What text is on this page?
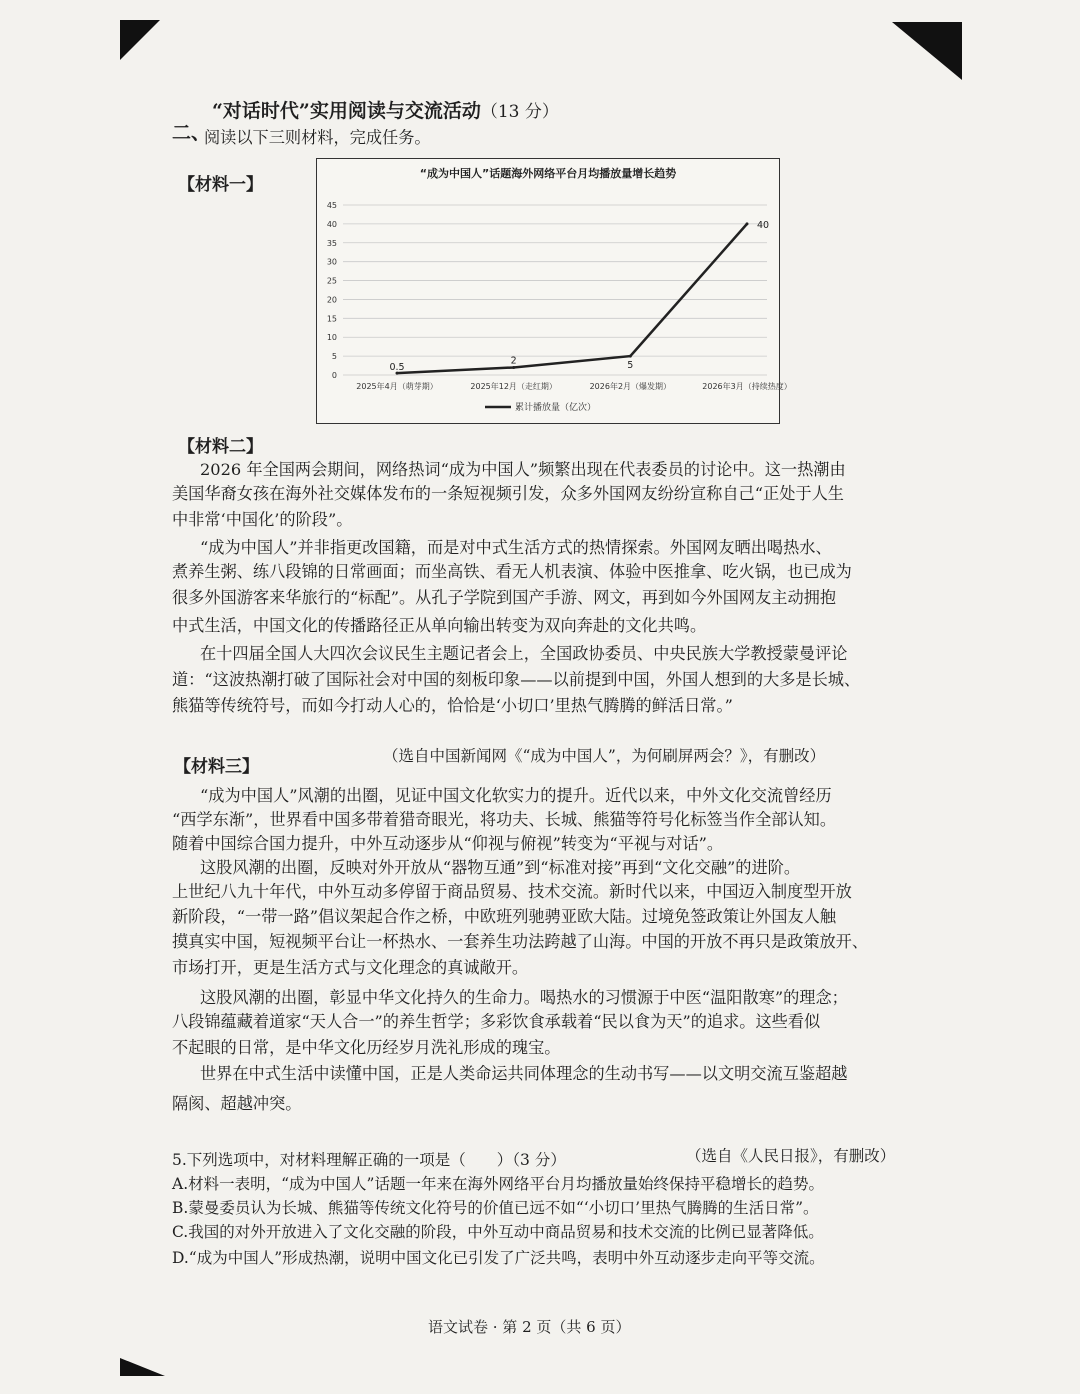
二、
“对话时代”实用阅读与交流活动（13 分）
阅读以下三则材料，完成任务。
【材料一】
“成为中国人”话题海外网络平台月均播放量增长趋势
0
5
10
15
20
25
30
35
40
45
2025年4月（萌芽期）	2025年12月（走红期）	2026年2月（爆发期）	2026年3月（持续热度）
0.5
2	5
40
累计播放量（亿次）
【材料二】
2026 年全国两会期间，网络热词“成为中国人”频繁出现在代表委员的讨论中。这一热潮由
美国华裔女孩在海外社交媒体发布的一条短视频引发，众多外国网友纷纷宣称自己“正处于人生
中非常‘中国化’的阶段”。
“成为中国人”并非指更改国籍，而是对中式生活方式的热情探索。外国网友晒出喝热水、
煮养生粥、练八段锦的日常画面；而坐高铁、看无人机表演、体验中医推拿、吃火锅，也已成为
很多外国游客来华旅行的“标配”。从孔子学院到国产手游、网文，再到如今外国网友主动拥抱
中式生活，中国文化的传播路径正从单向输出转变为双向奔赴的文化共鸣。
在十四届全国人大四次会议民生主题记者会上，全国政协委员、中央民族大学教授蒙曼评论
道：“这波热潮打破了国际社会对中国的刻板印象——以前提到中国，外国人想到的大多是长城、
熊猫等传统符号，而如今打动人心的，恰恰是‘小切口’里热气腾腾的鲜活日常。”
（选自中国新闻网《“成为中国人”，为何刷屏两会？》，有删改）
【材料三】
“成为中国人”风潮的出圈，见证中国文化软实力的提升。近代以来，中外文化交流曾经历
“西学东渐”，世界看中国多带着猎奇眼光，将功夫、长城、熊猫等符号化标签当作全部认知。
随着中国综合国力提升，中外互动逐步从“仰视与俯视”转变为“平视与对话”。
这股风潮的出圈，反映对外开放从“器物互通”到“标准对接”再到“文化交融”的进阶。
上世纪八九十年代，中外互动多停留于商品贸易、技术交流。新时代以来，中国迈入制度型开放
新阶段，“一带一路”倡议架起合作之桥，中欧班列驰骋亚欧大陆。过境免签政策让外国友人触
摸真实中国，短视频平台让一杯热水、一套养生功法跨越了山海。中国的开放不再只是政策放开、
市场打开，更是生活方式与文化理念的真诚敞开。
这股风潮的出圈，彰显中华文化持久的生命力。喝热水的习惯源于中医“温阳散寒”的理念；
八段锦蕴藏着道家“天人合一”的养生哲学；多彩饮食承载着“民以食为天”的追求。这些看似
不起眼的日常，是中华文化历经岁月洗礼形成的瑰宝。
世界在中式生活中读懂中国，正是人类命运共同体理念的生动书写——以文明交流互鉴超越
隔阂、超越冲突。
（选自《人民日报》，有删改）
5.下列选项中，对材料理解正确的一项是（　　）（3 分）
A.材料一表明，“成为中国人”话题一年来在海外网络平台月均播放量始终保持平稳增长的趋势。
B.蒙曼委员认为长城、熊猫等传统文化符号的价值已远不如“‘小切口’里热气腾腾的生活日常”。
C.我国的对外开放进入了文化交融的阶段，中外互动中商品贸易和技术交流的比例已显著降低。
D.“成为中国人”形成热潮，说明中国文化已引发了广泛共鸣，表明中外互动逐步走向平等交流。
语文试卷 · 第 2 页（共 6 页）
